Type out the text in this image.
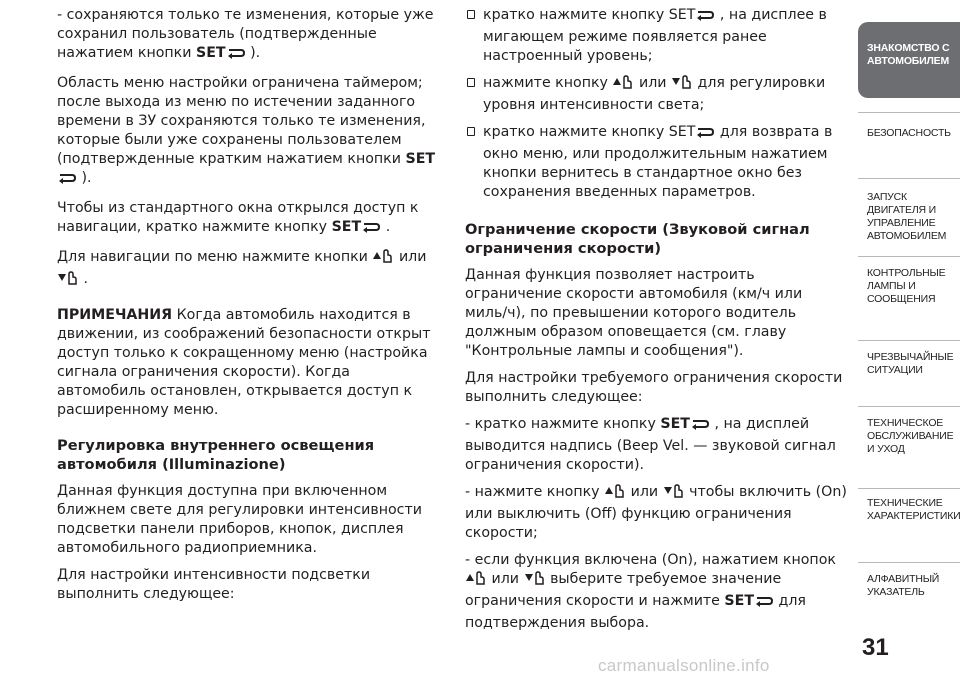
- сохраняются только те изменения, которые уже сохранил пользователь (подтвержденные нажатием кнопки SET ).

Область меню настройки ограничена таймером; после выхода из меню по истечении заданного времени в ЗУ сохраняются только те изменения, которые были уже сохранены пользователем (подтвержденные кратким нажатием кнопки SET
).

Чтобы из стандартного окна открылся доступ к навигации, кратко нажмите кнопку SET .

Для навигации по меню нажмите кнопки  или
.

ПРИМЕЧАНИЯ Когда автомобиль находится в движении, из соображений безопасности открыт доступ только к сокращенному меню (настройка сигнала ограничения скорости). Когда автомобиль остановлен, открывается доступ к расширенному меню.

Регулировка внутреннего освещения автомобиля (Illuminazione)

Данная функция доступна при включенном ближнем свете для регулировки интенсивности подсветки панели приборов, кнопок, дисплея автомобильного радиоприемника.

Для настройки интенсивности подсветки выполнить следующее:

кратко нажмите кнопку SET , на дисплее в мигающем режиме появляется ранее настроенный уровень;
нажмите кнопку  или для регулировки уровня интенсивности света;
кратко нажмите кнопку SET для возврата в окно меню, или продолжительным нажатием кнопки вернитесь в стандартное окно без сохранения введенных параметров.
Ограничение скорости (Звуковой сигнал ограничения скорости)

Данная функция позволяет настроить ограничение скорости автомобиля (км/ч или миль/ч), по превышении которого водитель должным образом оповещается (см. главу "Контрольные лампы и сообщения").

Для настройки требуемого ограничения скорости выполнить следующее:

- кратко нажмите кнопку SET , на дисплей выводится надпись (Beep Vel. — звуковой сигнал ограничения скорости).

- нажмите кнопку  или чтобы включить (On) или выключить (Off) функцию ограничения скорости;

- если функция включена (On), нажатием кнопок
или выберите требуемое значение ограничения скорости и нажмите SET для подтверждения выбора.

ЗНАКОМСТВО С АВТОМОБИЛЕМ
БЕЗОПАСНОСТЬ
ЗАПУСК ДВИГАТЕЛЯ И УПРАВЛЕНИЕ АВТОМОБИЛЕМ
КОНТРОЛЬНЫЕ ЛАМПЫ И СООБЩЕНИЯ
ЧРЕЗВЫЧАЙНЫЕ СИТУАЦИИ
ТЕХНИЧЕСКОЕ ОБСЛУЖИВАНИЕ И УХОД
ТЕХНИЧЕСКИЕ ХАРАКТЕРИСТИКИ
АЛФАВИТНЫЙ УКАЗАТЕЛЬ
31
carmanualsonline.info
